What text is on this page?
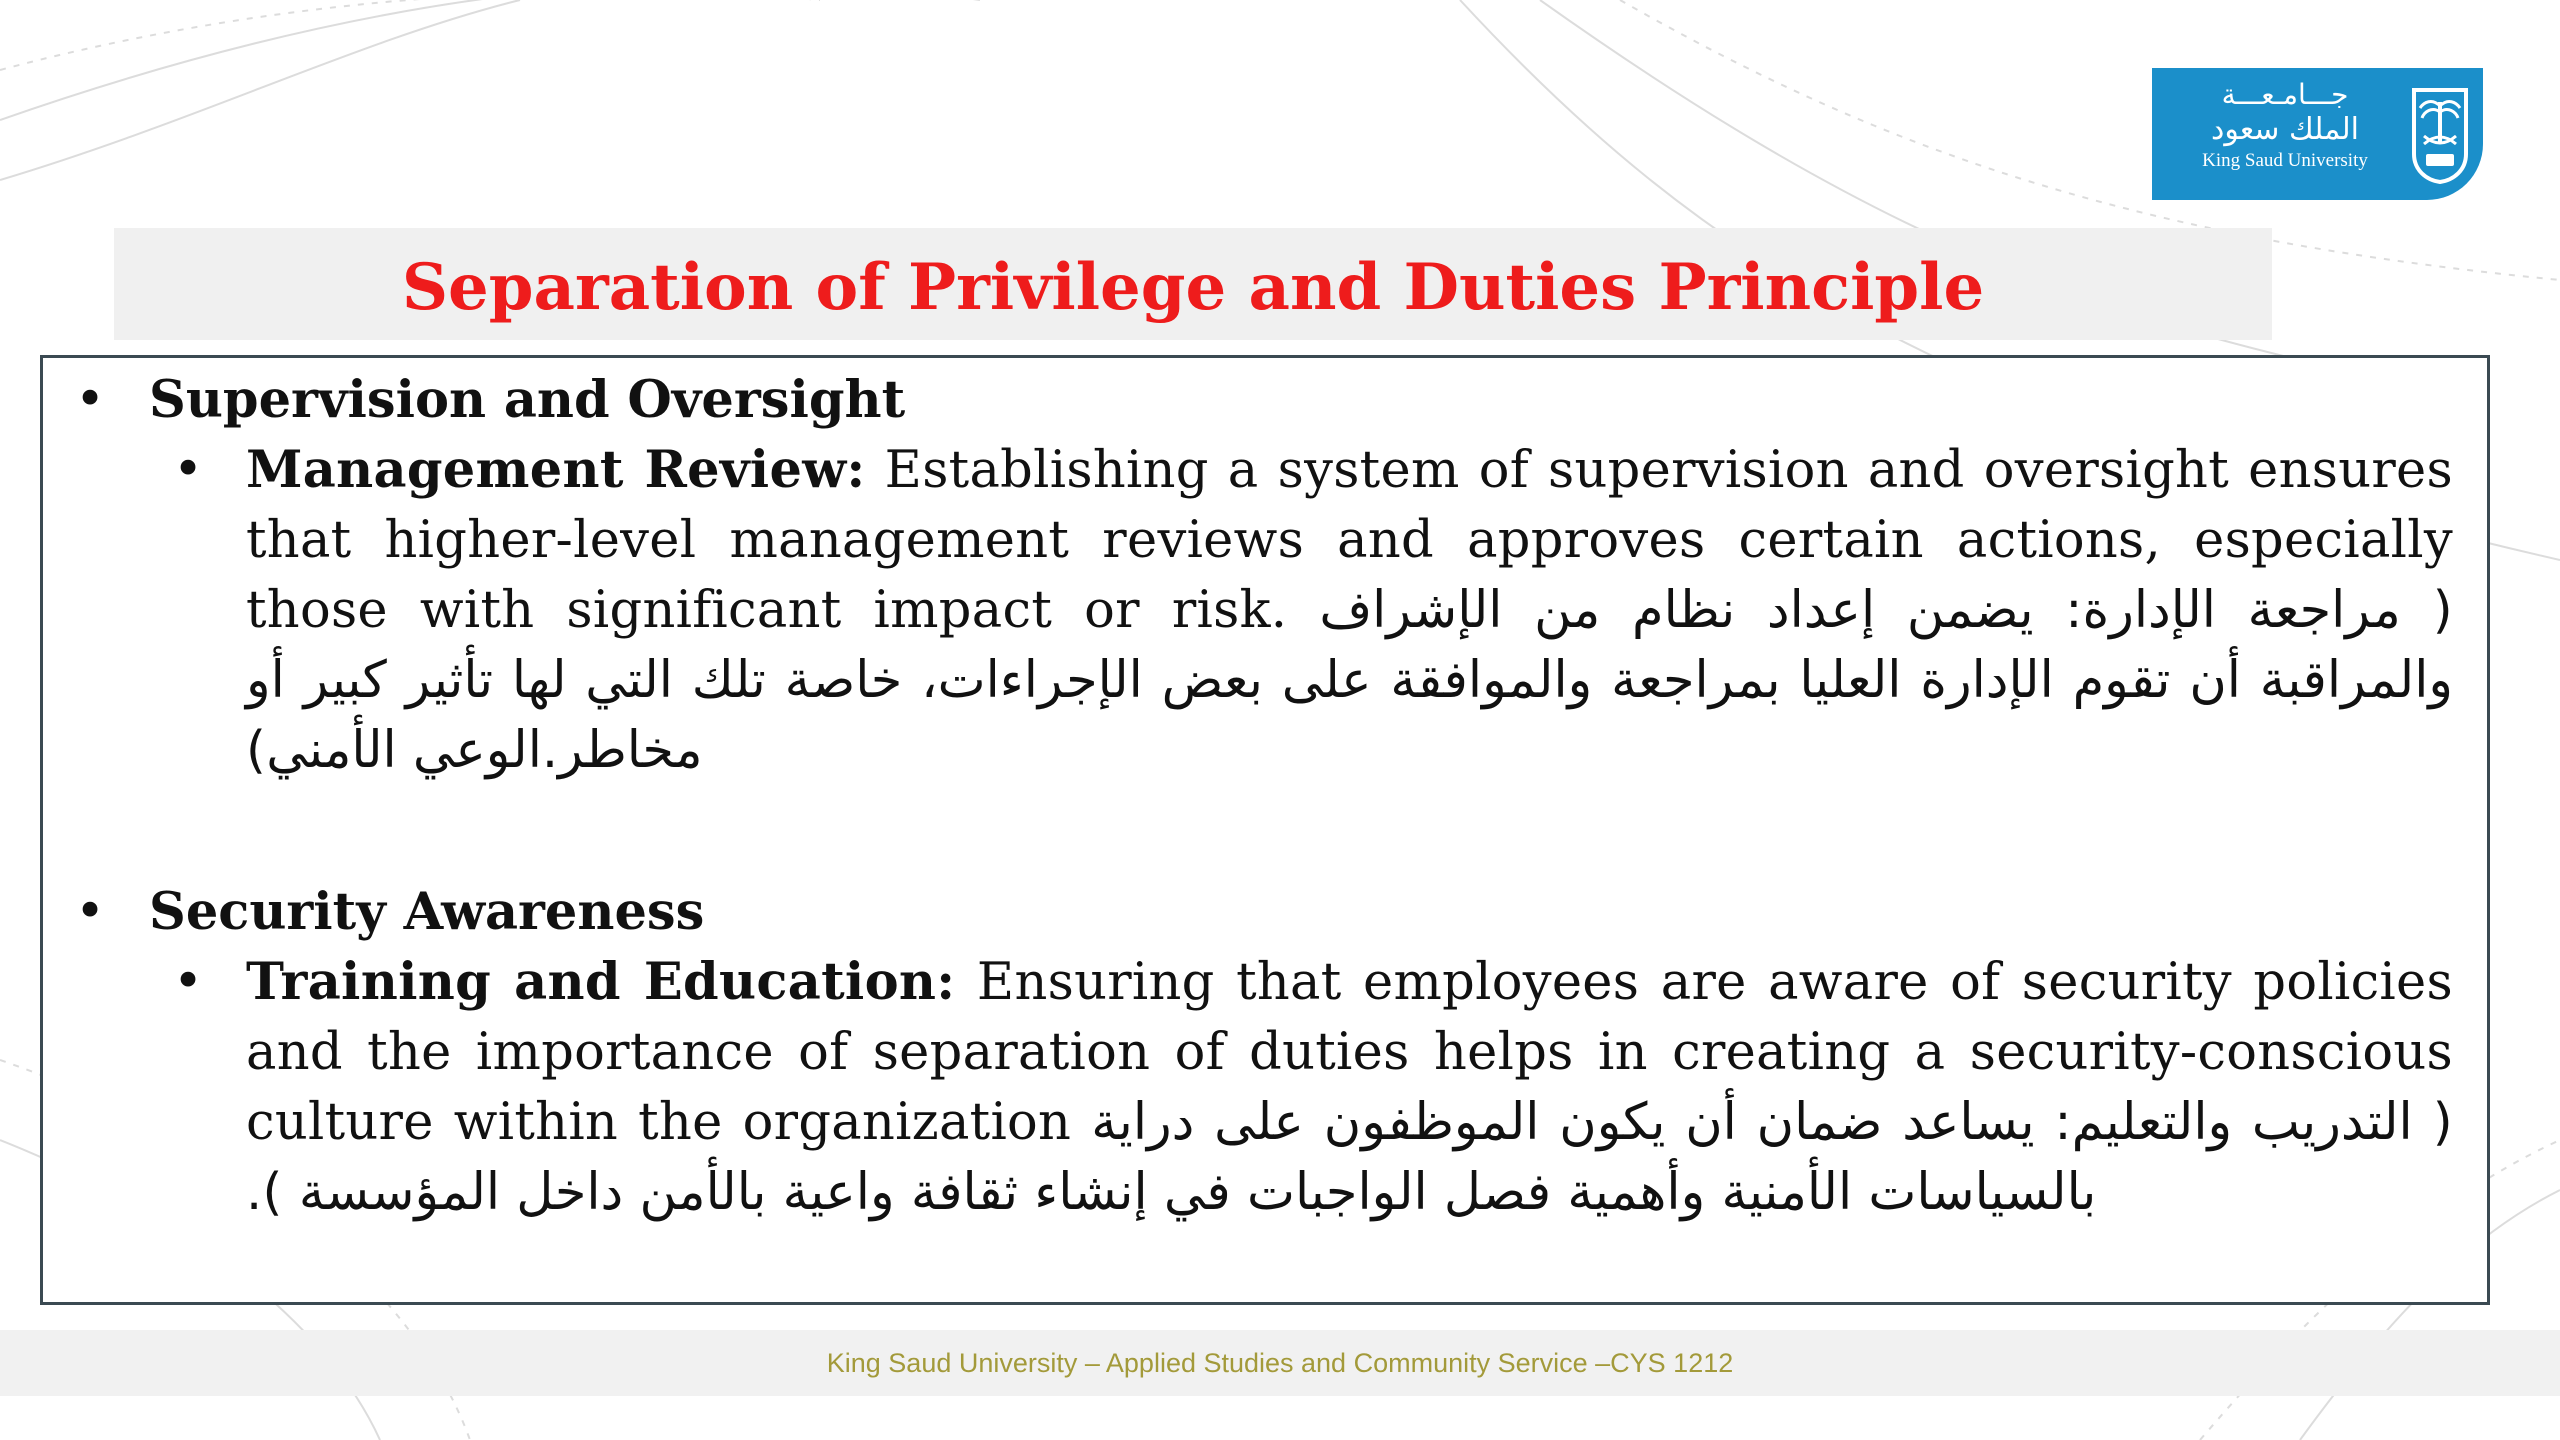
جـــامـعـــة
الملك سعود
King Saud University
Separation of Privilege and Duties Principle
• Supervision and Oversight
• Management Review: Establishing a system of supervision and oversight ensures that higher-level management reviews and approves certain actions, especially those with significant impact or risk. ( مراجعة الإدارة: يضمن إعداد نظام من الإشراف والمراقبة أن تقوم الإدارة العليا بمراجعة والموافقة على بعض الإجراءات، خاصة تلك التي لها تأثير كبير أو مخاطر.الوعي الأمني)
• Security Awareness
• Training and Education: Ensuring that employees are aware of security policies and the importance of separation of duties helps in creating a security-conscious culture within the organization ( التدريب والتعليم: يساعد ضمان أن يكون الموظفون على دراية بالسياسات الأمنية وأهمية فصل الواجبات في إنشاء ثقافة واعية بالأمن داخل المؤسسة ).
King Saud University – Applied Studies and Community Service –CYS 1212
